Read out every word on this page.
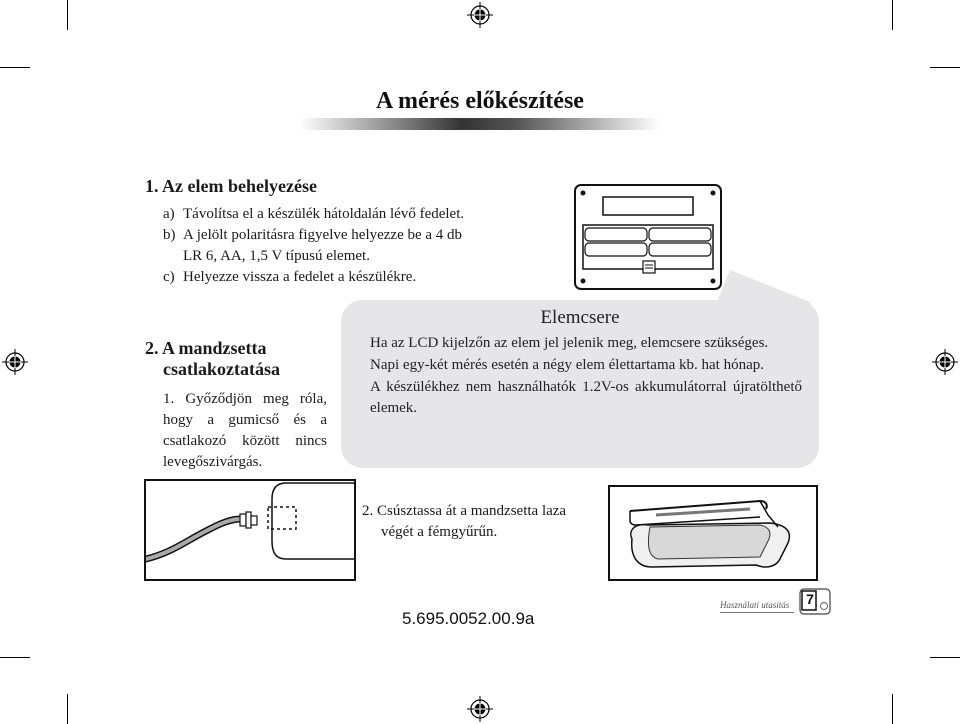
A mérés előkészítése
1. Az elem behelyezése
a) Távolítsa el a készülék hátoldalán lévő fedelet.
b) A jelölt polaritásra figyelve helyezze be a 4 db
LR 6, AA, 1,5 V típusú elemet.
c) Helyezze vissza a fedelet a készülékre.
Elemcsere

Ha az LCD kijelzőn az elem jel jelenik meg, elemcsere szükséges.

Napi egy-két mérés esetén a négy elem élettartama kb. hat hónap.

A készülékhez nem használhatók 1.2V-os akkumulátorral újratölthető elemek.

2. A mandzsetta
csatlakoztatása
1. Győződjön meg róla,
hogy a gumicső és a
csatlakozó között nincs
levegőszivárgás.
2. Csúsztassa át a mandzsetta laza
végét a fémgyűrűn.
5.695.0052.00.9a
Használati utasítás 7
